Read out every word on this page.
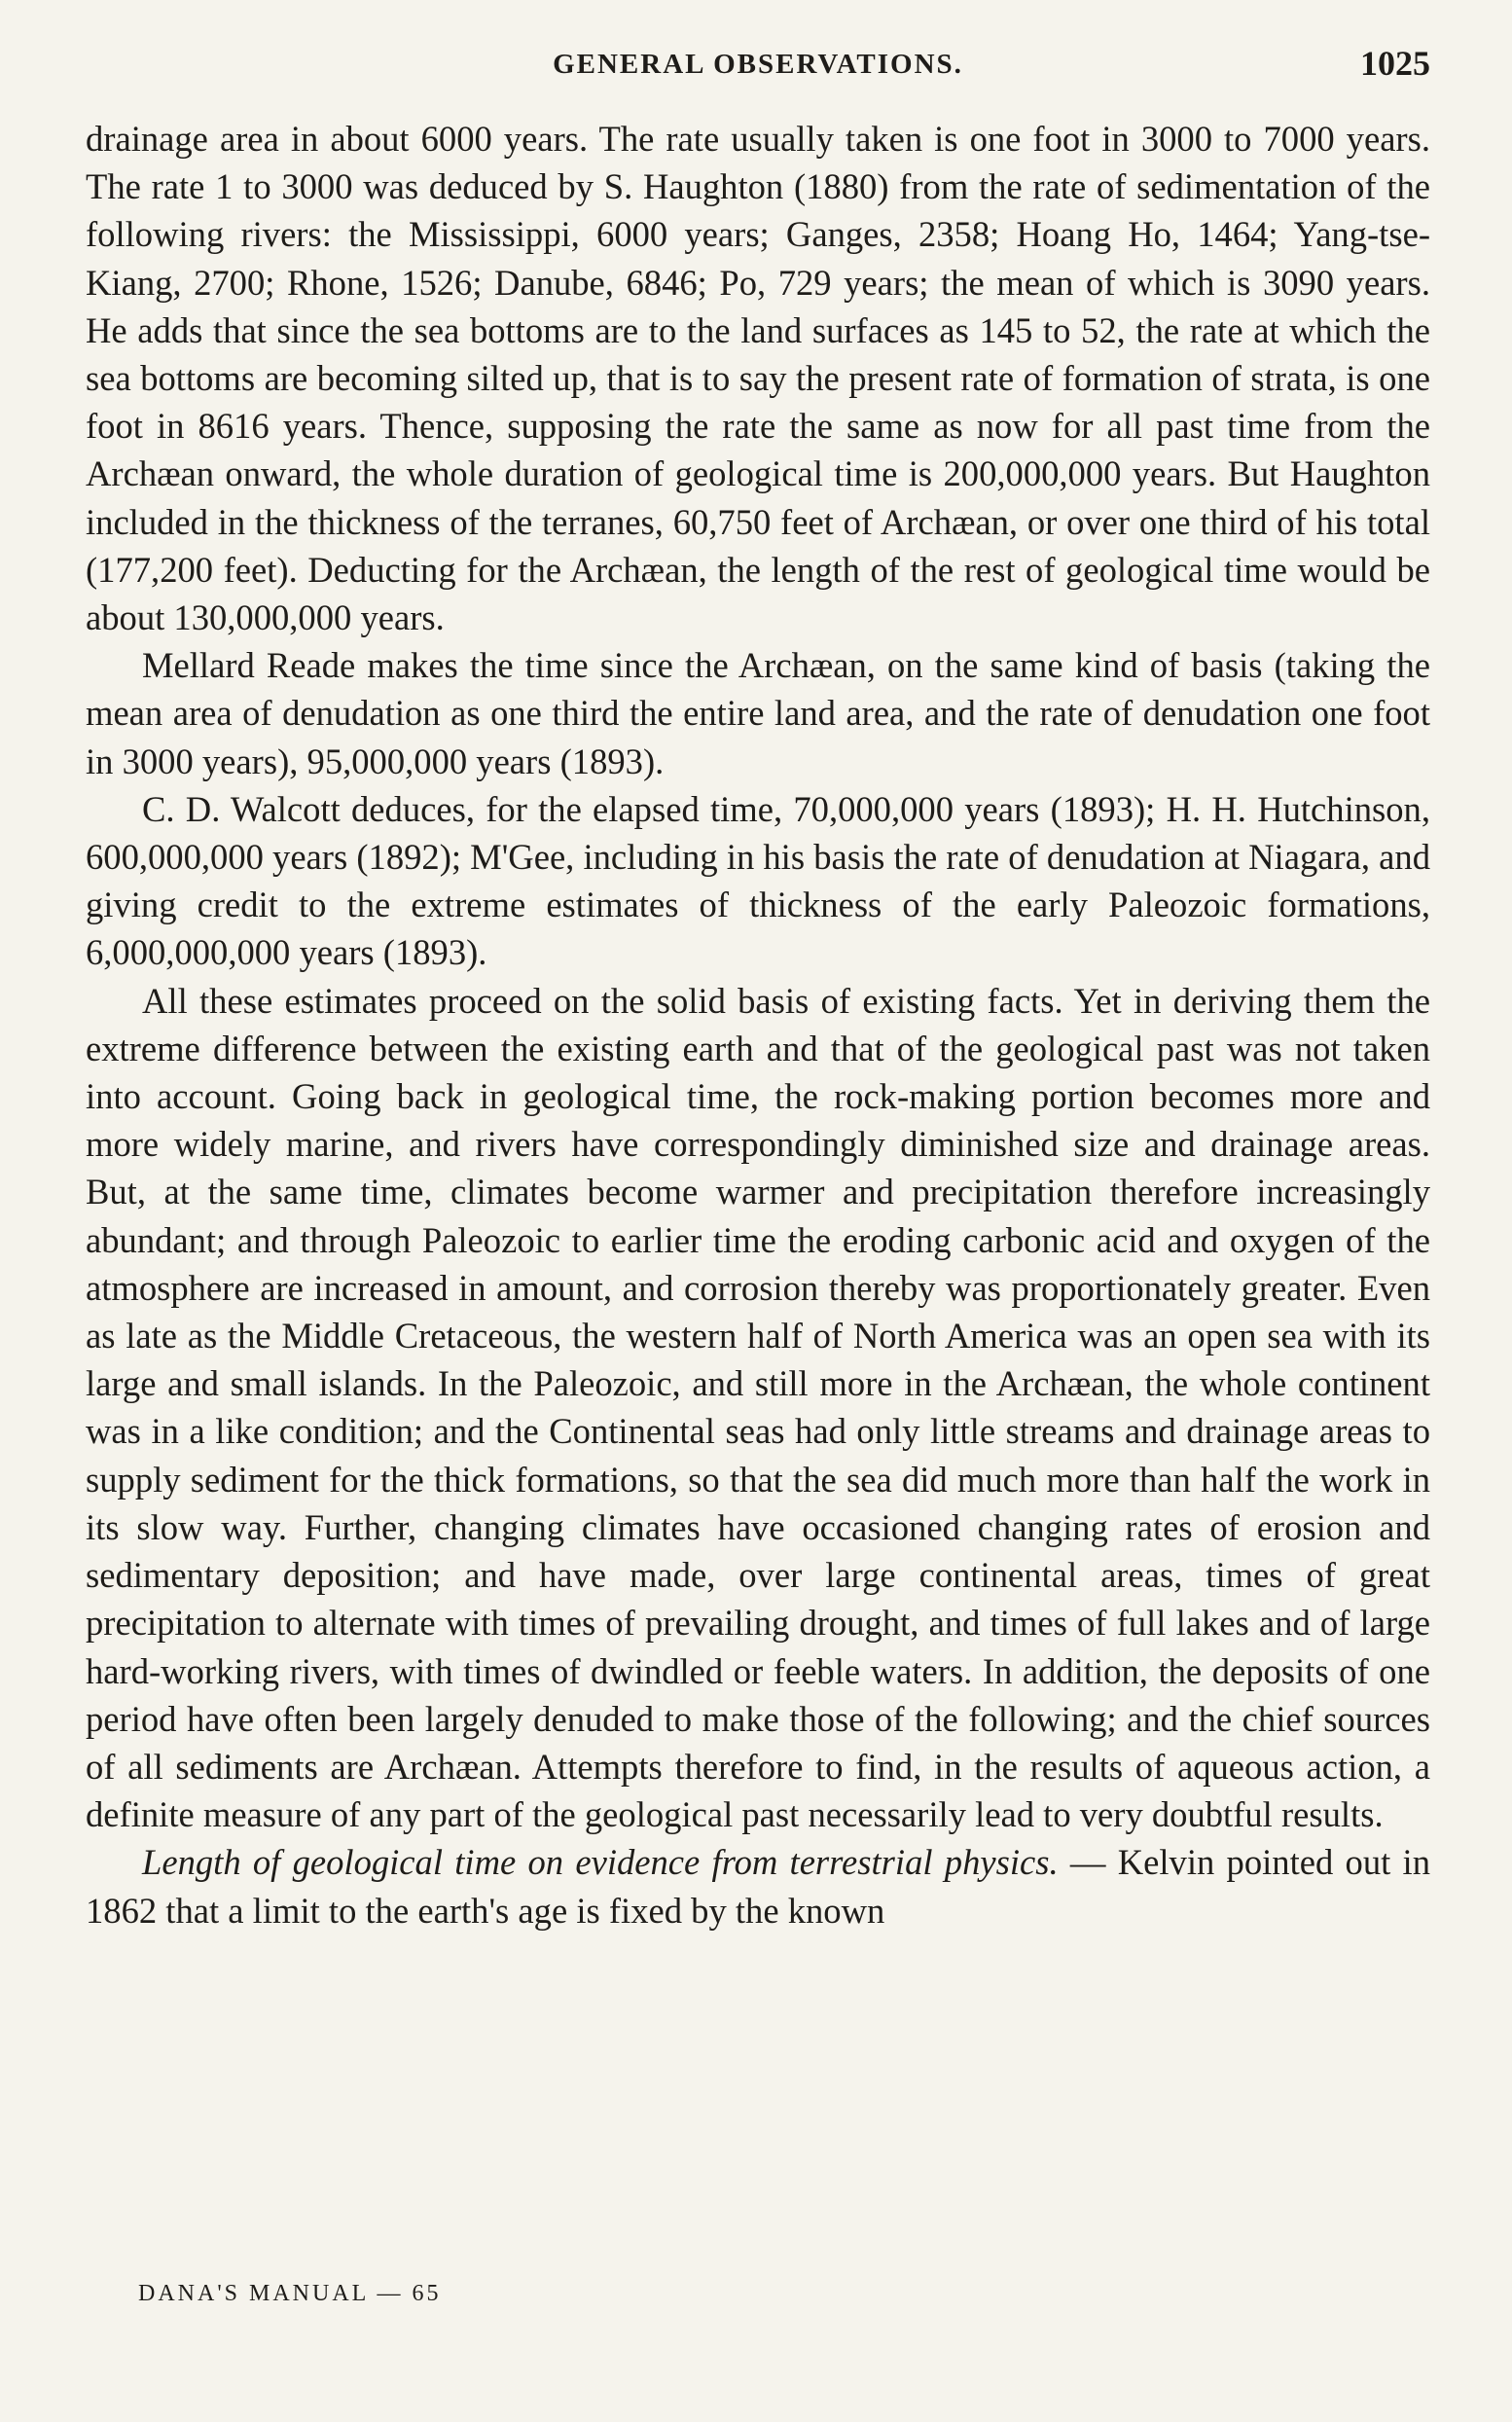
GENERAL OBSERVATIONS.	1025

drainage area in about 6000 years. The rate usually taken is one foot in 3000 to 7000 years. The rate 1 to 3000 was deduced by S. Haughton (1880) from the rate of sedimentation of the following rivers: the Mississippi, 6000 years; Ganges, 2358; Hoang Ho, 1464; Yang-tse-Kiang, 2700; Rhone, 1526; Danube, 6846; Po, 729 years; the mean of which is 3090 years. He adds that since the sea bottoms are to the land surfaces as 145 to 52, the rate at which the sea bottoms are becoming silted up, that is to say the present rate of formation of strata, is one foot in 8616 years. Thence, supposing the rate the same as now for all past time from the Archæan onward, the whole duration of geological time is 200,000,000 years. But Haughton included in the thickness of the terranes, 60,750 feet of Archæan, or over one third of his total (177,200 feet). Deducting for the Archæan, the length of the rest of geological time would be about 130,000,000 years.

Mellard Reade makes the time since the Archæan, on the same kind of basis (taking the mean area of denudation as one third the entire land area, and the rate of denudation one foot in 3000 years), 95,000,000 years (1893).

C. D. Walcott deduces, for the elapsed time, 70,000,000 years (1893); H. H. Hutchinson, 600,000,000 years (1892); M'Gee, including in his basis the rate of denudation at Niagara, and giving credit to the extreme estimates of thickness of the early Paleozoic formations, 6,000,000,000 years (1893).

All these estimates proceed on the solid basis of existing facts. Yet in deriving them the extreme difference between the existing earth and that of the geological past was not taken into account. Going back in geological time, the rock-making portion becomes more and more widely marine, and rivers have correspondingly diminished size and drainage areas. But, at the same time, climates become warmer and precipitation therefore increasingly abundant; and through Paleozoic to earlier time the eroding carbonic acid and oxygen of the atmosphere are increased in amount, and corrosion thereby was proportionately greater. Even as late as the Middle Cretaceous, the western half of North America was an open sea with its large and small islands. In the Paleozoic, and still more in the Archæan, the whole continent was in a like condition; and the Continental seas had only little streams and drainage areas to supply sediment for the thick formations, so that the sea did much more than half the work in its slow way. Further, changing climates have occasioned changing rates of erosion and sedimentary deposition; and have made, over large continental areas, times of great precipitation to alternate with times of prevailing drought, and times of full lakes and of large hard-working rivers, with times of dwindled or feeble waters. In addition, the deposits of one period have often been largely denuded to make those of the following; and the chief sources of all sediments are Archæan. Attempts therefore to find, in the results of aqueous action, a definite measure of any part of the geological past necessarily lead to very doubtful results.

Length of geological time on evidence from terrestrial physics. — Kelvin pointed out in 1862 that a limit to the earth's age is fixed by the known

DANA'S MANUAL — 65
